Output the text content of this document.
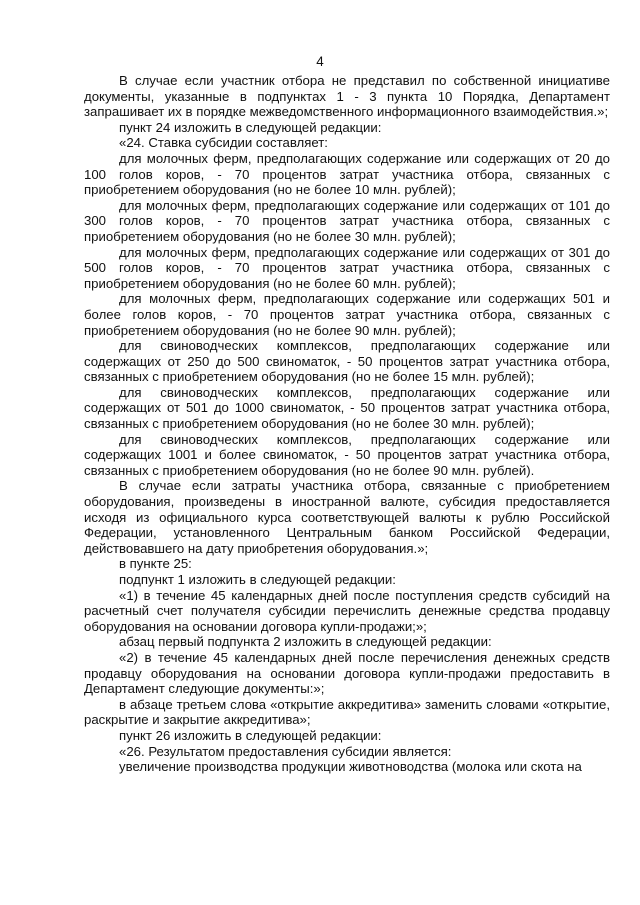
4

В случае если участник отбора не представил по собственной инициативе документы, указанные в подпунктах 1 - 3 пункта 10 Порядка, Департамент запрашивает их в порядке межведомственного информационного взаимодействия.»;

пункт 24 изложить в следующей редакции:

«24. Ставка субсидии составляет:

для молочных ферм, предполагающих содержание или содержащих от 20 до 100 голов коров, - 70 процентов затрат участника отбора, связанных с приобретением оборудования (но не более 10 млн. рублей);

для молочных ферм, предполагающих содержание или содержащих от 101 до 300 голов коров, - 70 процентов затрат участника отбора, связанных с приобретением оборудования (но не более 30 млн. рублей);

для молочных ферм, предполагающих содержание или содержащих от 301 до 500 голов коров, - 70 процентов затрат участника отбора, связанных с приобретением оборудования (но не более 60 млн. рублей);

для молочных ферм, предполагающих содержание или содержащих 501 и более голов коров, - 70 процентов затрат участника отбора, связанных с приобретением оборудования (но не более 90 млн. рублей);

для свиноводческих комплексов, предполагающих содержание или содержащих от 250 до 500 свиноматок, - 50 процентов затрат участника отбора, связанных с приобретением оборудования (но не более 15 млн. рублей);

для свиноводческих комплексов, предполагающих содержание или содержащих от 501 до 1000 свиноматок, - 50 процентов затрат участника отбора, связанных с приобретением оборудования (но не более 30 млн. рублей);

для свиноводческих комплексов, предполагающих содержание или содержащих 1001 и более свиноматок, - 50 процентов затрат участника отбора, связанных с приобретением оборудования (но не более 90 млн. рублей).

В случае если затраты участника отбора, связанные с приобретением оборудования, произведены в иностранной валюте, субсидия предоставляется исходя из официального курса соответствующей валюты к рублю Российской Федерации, установленного Центральным банком Российской Федерации, действовавшего на дату приобретения оборудования.»;

в пункте 25:

подпункт 1 изложить в следующей редакции:

«1) в течение 45 календарных дней после поступления средств субсидий на расчетный счет получателя субсидии перечислить денежные средства продавцу оборудования на основании договора купли-продажи;»;

абзац первый подпункта 2 изложить в следующей редакции:

«2) в течение 45 календарных дней после перечисления денежных средств продавцу оборудования на основании договора купли-продажи предоставить в Департамент следующие документы:»;

в абзаце третьем слова «открытие аккредитива» заменить словами «открытие, раскрытие и закрытие аккредитива»;

пункт 26 изложить в следующей редакции:

«26. Результатом предоставления субсидии является:

увеличение производства продукции животноводства (молока или скота на
